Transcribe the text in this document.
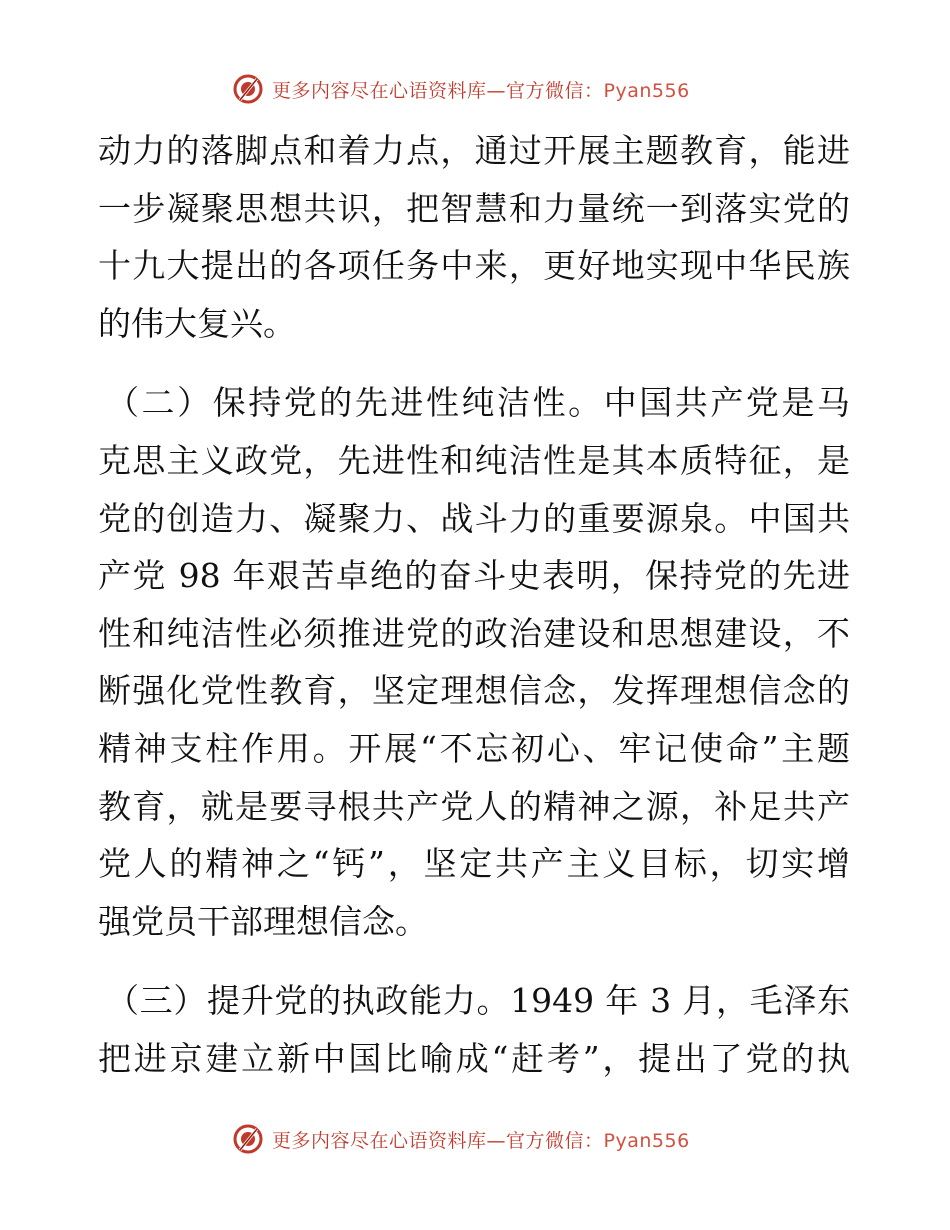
更多内容尽在心语资料库—官方微信：Pyan556
动力的落脚点和着力点，通过开展主题教育，能进
一步凝聚思想共识，把智慧和力量统一到落实党的
十九大提出的各项任务中来，更好地实现中华民族
的伟大复兴。
（二）保持党的先进性纯洁性。中国共产党是马
克思主义政党，先进性和纯洁性是其本质特征，是
党的创造力、凝聚力、战斗力的重要源泉。中国共
产党 98 年艰苦卓绝的奋斗史表明，保持党的先进
性和纯洁性必须推进党的政治建设和思想建设，不
断强化党性教育，坚定理想信念，发挥理想信念的
精神支柱作用。开展“不忘初心、牢记使命”主题
教育，就是要寻根共产党人的精神之源，补足共产
党人的精神之“钙”，坚定共产主义目标，切实增
强党员干部理想信念。
（三）提升党的执政能力。1949 年 3 月，毛泽东
把进京建立新中国比喻成“赶考”，提出了党的执
更多内容尽在心语资料库—官方微信：Pyan556
